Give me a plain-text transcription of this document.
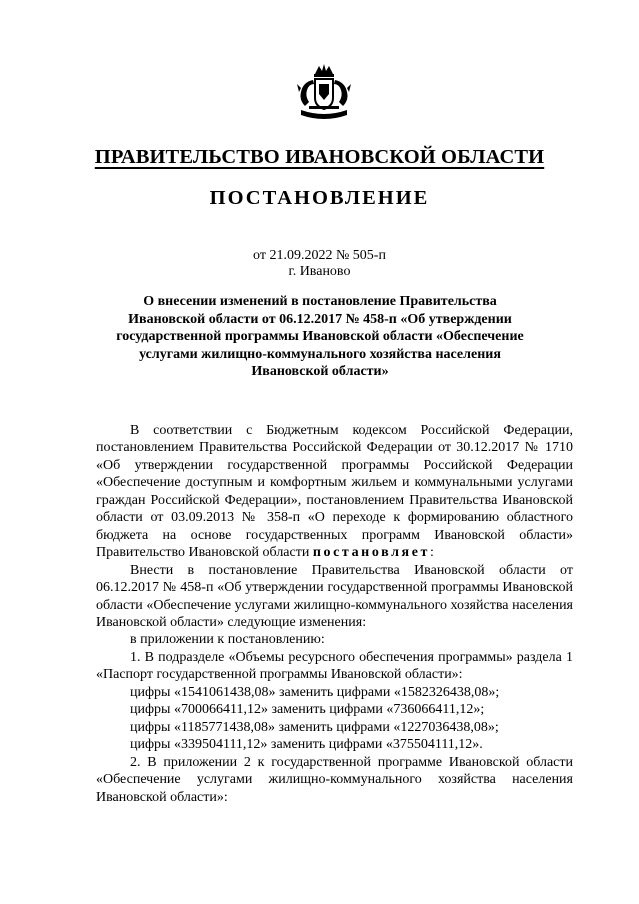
ПРАВИТЕЛЬСТВО ИВАНОВСКОЙ ОБЛАСТИ
ПОСТАНОВЛЕНИЕ
от 21.09.2022 № 505-п
г. Иваново
О внесении изменений в постановление Правительства
Ивановской области от 06.12.2017 № 458-п «Об утверждении
государственной программы Ивановской области «Обеспечение
услугами жилищно-коммунального хозяйства населения
Ивановской области»

В соответствии с Бюджетным кодексом Российской Федерации, постановлением Правительства Российской Федерации от 30.12.2017 № 1710 «Об утверждении государственной программы Российской Федерации «Обеспечение доступным и комфортным жильем и коммунальными услугами граждан Российской Федерации», постановлением Правительства Ивановской области от 03.09.2013 № 358-п «О переходе к формированию областного бюджета на основе государственных программ Ивановской области» Правительство Ивановской области постановляет:

Внести в постановление Правительства Ивановской области от 06.12.2017 № 458-п «Об утверждении государственной программы Ивановской области «Обеспечение услугами жилищно-коммунального хозяйства населения Ивановской области» следующие изменения:

в приложении к постановлению:

1. В подразделе «Объемы ресурсного обеспечения программы» раздела 1 «Паспорт государственной программы Ивановской области»:

цифры «1541061438,08» заменить цифрами «1582326438,08»;

цифры «700066411,12» заменить цифрами «736066411,12»;

цифры «1185771438,08» заменить цифрами «1227036438,08»;

цифры «339504111,12» заменить цифрами «375504111,12».

2. В приложении 2 к государственной программе Ивановской области «Обеспечение услугами жилищно-коммунального хозяйства населения Ивановской области»:
